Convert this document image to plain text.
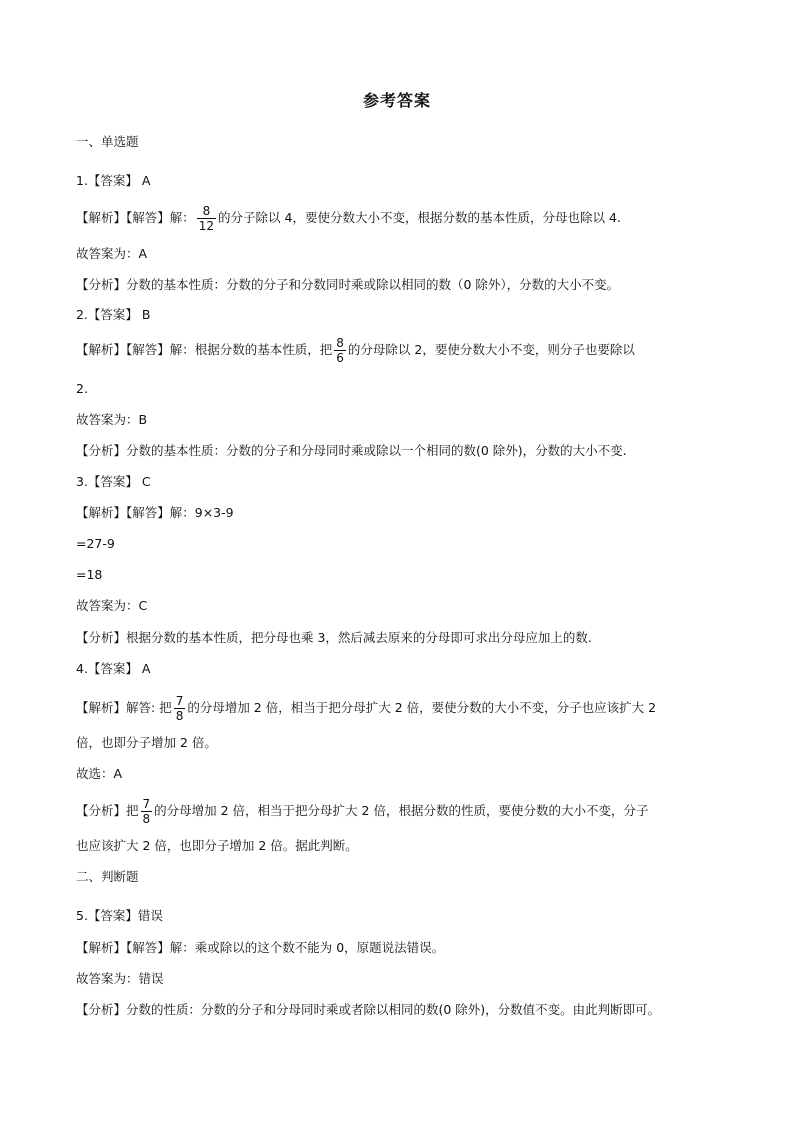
参考答案
一、单选题
1.【答案】 A
【解析】【解答】解： $\frac{8}{12}$ 的分子除以 4，要使分数大小不变，根据分数的基本性质，分母也除以 4.
故答案为：A
【分析】分数的基本性质：分数的分子和分数同时乘或除以相同的数（0 除外），分数的大小不变。
2.【答案】 B
【解析】【解答】解：根据分数的基本性质，把 $\frac{8}{6}$ 的分母除以 2，要使分数大小不变，则分子也要除以
2.
故答案为：B
【分析】分数的基本性质：分数的分子和分母同时乘或除以一个相同的数(0 除外)，分数的大小不变.
3.【答案】 C
【解析】【解答】解：9×3-9
=27-9
=18
故答案为：C
【分析】根据分数的基本性质，把分母也乘 3，然后减去原来的分母即可求出分母应加上的数.
4.【答案】 A
【解析】解答: 把 $\frac{7}{8}$ 的分母增加 2 倍，相当于把分母扩大 2 倍，要使分数的大小不变，分子也应该扩大 2
倍，也即分子增加 2 倍。
故选：A
【分析】把 $\frac{7}{8}$ 的分母增加 2 倍，相当于把分母扩大 2 倍，根据分数的性质，要使分数的大小不变，分子
也应该扩大 2 倍，也即分子增加 2 倍。据此判断。
二、判断题
5.【答案】错误
【解析】【解答】解：乘或除以的这个数不能为 0，原题说法错误。
故答案为：错误
【分析】分数的性质：分数的分子和分母同时乘或者除以相同的数(0 除外)，分数值不变。由此判断即可。
